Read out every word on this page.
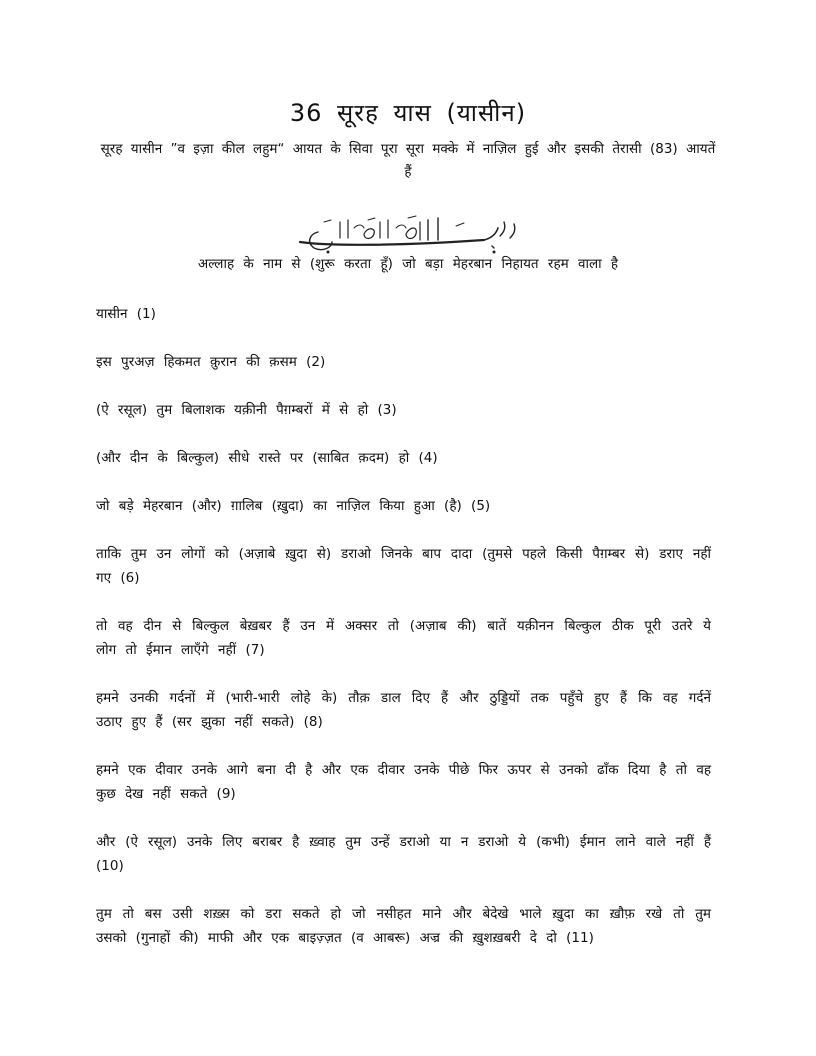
36 सूरह यास (यासीन)
सूरह यासीन ”व इज़ा कील लहुम“ आयत के सिवा पूरा सूरा मक्के में नाज़िल हुई और इसकी तेरासी (83) आयतें हैं
अल्लाह के नाम से (शुरू करता हूँ) जो बड़ा मेहरबान निहायत रहम वाला है

यासीन (1)

इस पुरअज़ हिकमत क़ुरान की क़सम (2)

(ऐ रसूल) तुम बिलाशक यक़ीनी पैग़म्बरों में से हो (3)

(और दीन के बिल्कुल) सीधे रास्ते पर (साबित क़दम) हो (4)

जो बड़े मेहरबान (और) ग़ालिब (ख़ुदा) का नाज़िल किया हुआ (है) (5)

ताकि तुम उन लोगों को (अज़ाबे ख़ुदा से) डराओ जिनके बाप दादा (तुमसे पहले किसी पैग़म्बर से) डराए नहीं गए (6)

तो वह दीन से बिल्कुल बेख़बर हैं उन में अक्सर तो (अज़ाब की) बातें यक़ीनन बिल्कुल ठीक पूरी उतरे ये लोग तो ईमान लाएँगे नहीं (7)

हमने उनकी गर्दनों में (भारी-भारी लोहे के) तौक़ डाल दिए हैं और ठुड्डियों तक पहुँचे हुए हैं कि वह गर्दनें उठाए हुए हैं (सर झुका नहीं सकते) (8)

हमने एक दीवार उनके आगे बना दी है और एक दीवार उनके पीछे फिर ऊपर से उनको ढाँक दिया है तो वह कुछ देख नहीं सकते (9)

और (ऐ रसूल) उनके लिए बराबर है ख़्वाह तुम उन्हें डराओ या न डराओ ये (कभी) ईमान लाने वाले नहीं हैं (10)

तुम तो बस उसी शख़्स को डरा सकते हो जो नसीहत माने और बेदेखे भाले ख़ुदा का ख़ौफ़ रखे तो तुम उसको (गुनाहों की) माफी और एक बाइज़्ज़त (व आबरू) अज्र की ख़ुशख़बरी दे दो (11)
